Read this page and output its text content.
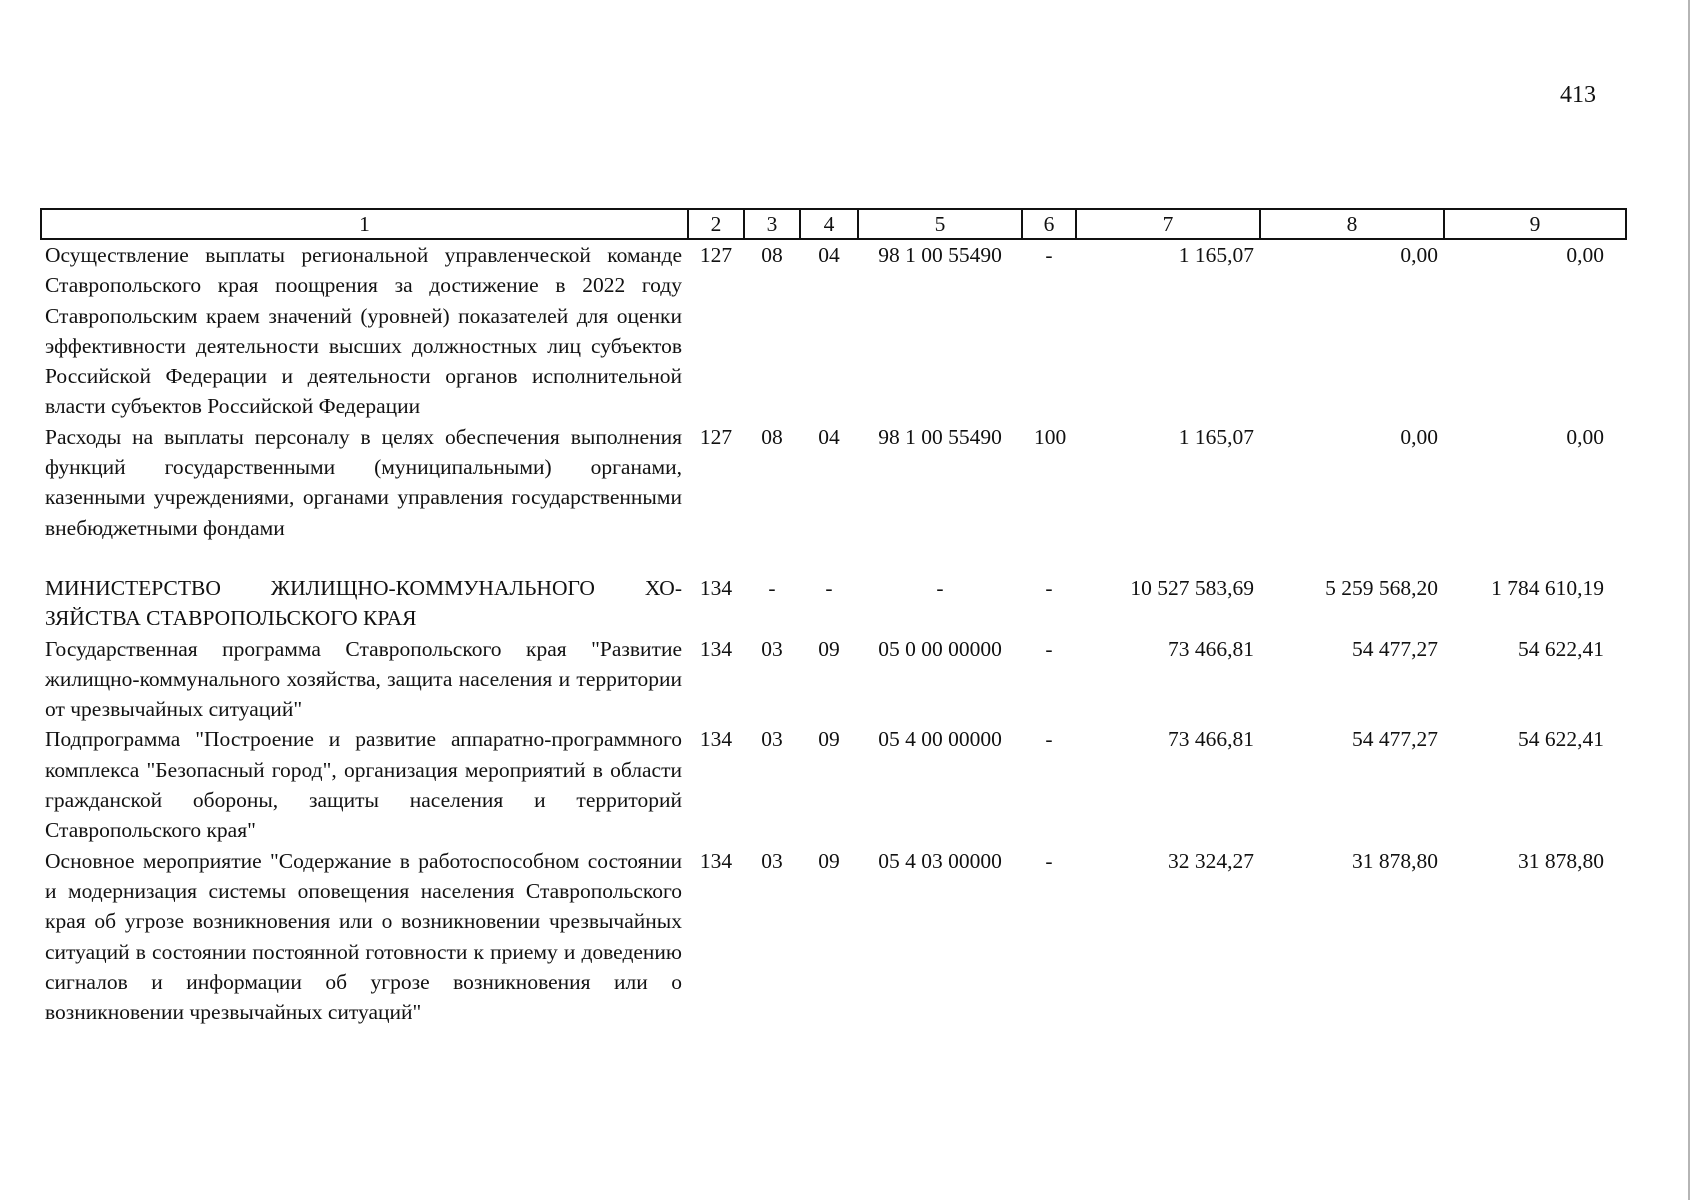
413
1	2	3	4	5	6	7	8	9
Осуществление выплаты региональной управленческой команде Ставропольского края поощрения за достижение в 2022 году Ставропольским краем значений (уровней) показателей для оценки эффективности деятельности высших должностных лиц субъектов Российской Федерации и деятельности органов исполнительной власти субъектов Российской Федерации	127	08	04	98 1 00 55490	-	1 165,07	0,00	0,00
Расходы на выплаты персоналу в целях обеспечения выполнения функций государственными (муниципальными) органами, казенными учреждениями, органами управления государственными внебюджетными фондами	127	08	04	98 1 00 55490	100	1 165,07	0,00	0,00

МИНИСТЕРСТВО ЖИЛИЩНО-КОММУНАЛЬНОГО ХО-ЗЯЙСТВА СТАВРОПОЛЬСКОГО КРАЯ	134	-	-	-	-	10 527 583,69	5 259 568,20	1 784 610,19
Государственная программа Ставропольского края "Развитие жилищно-коммунального хозяйства, защита населения и территории от чрезвычайных ситуаций"	134	03	09	05 0 00 00000	-	73 466,81	54 477,27	54 622,41
Подпрограмма "Построение и развитие аппаратно-программного комплекса "Безопасный город", организация мероприятий в области гражданской обороны, защиты населения и территорий Ставропольского края"	134	03	09	05 4 00 00000	-	73 466,81	54 477,27	54 622,41
Основное мероприятие "Содержание в работоспособном состоянии и модернизация системы оповещения населения Ставропольского края об угрозе возникновения или о возникновении чрезвычайных ситуаций в состоянии постоянной готовности к приему и доведению сигналов и информации об угрозе возникновения или о возникновении чрезвычайных ситуаций"	134	03	09	05 4 03 00000	-	32 324,27	31 878,80	31 878,80
